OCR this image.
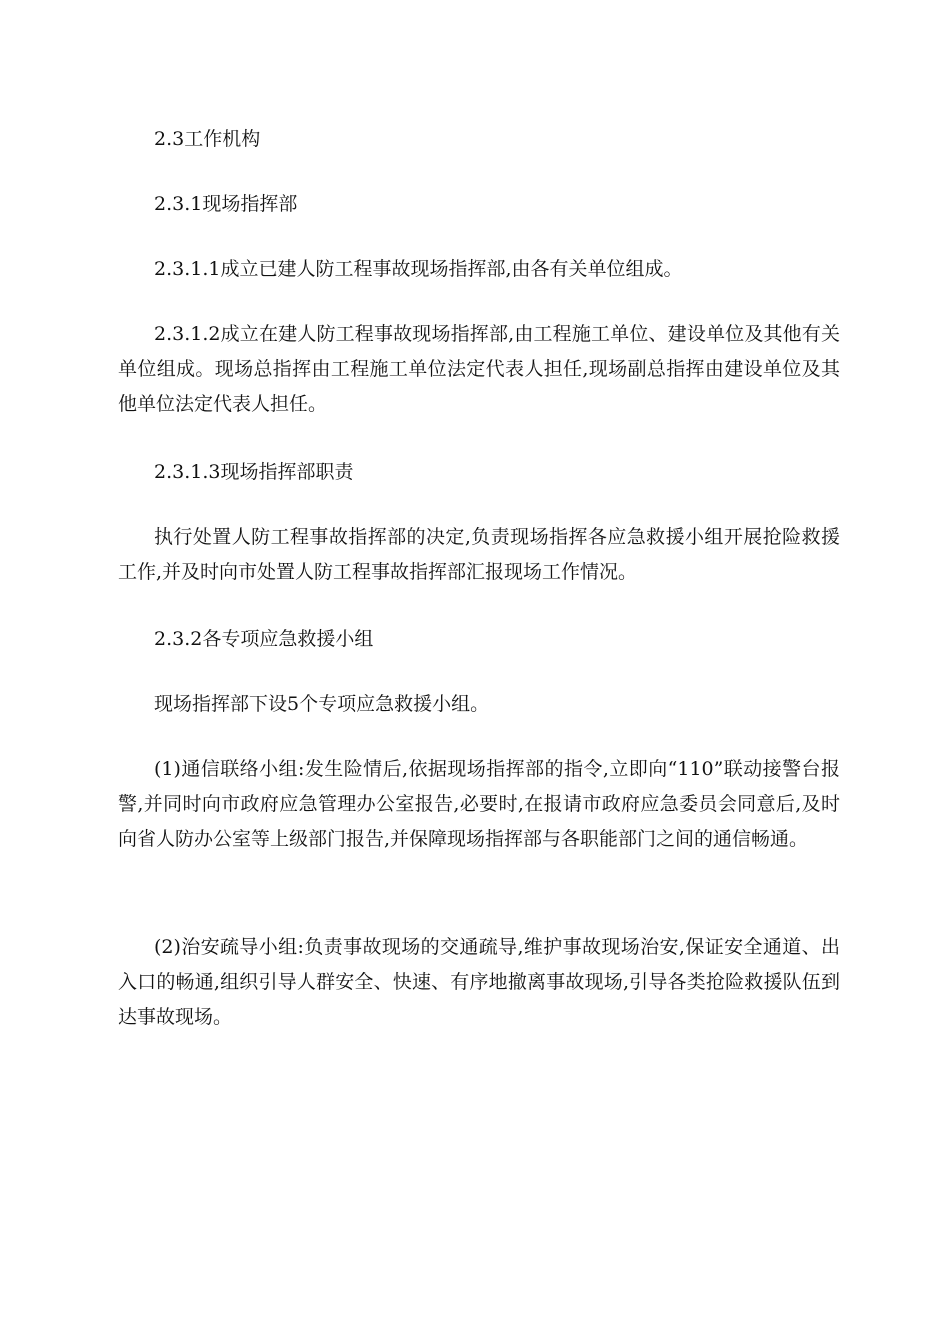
2.3工作机构

2.3.1现场指挥部

2.3.1.1成立已建人防工程事故现场指挥部,由各有关单位组成。

2.3.1.2成立在建人防工程事故现场指挥部,由工程施工单位、建设单位及其他有关单位组成。现场总指挥由工程施工单位法定代表人担任,现场副总指挥由建设单位及其他单位法定代表人担任。

2.3.1.3现场指挥部职责

执行处置人防工程事故指挥部的决定,负责现场指挥各应急救援小组开展抢险救援工作,并及时向市处置人防工程事故指挥部汇报现场工作情况。

2.3.2各专项应急救援小组

现场指挥部下设5个专项应急救援小组。

(1)通信联络小组:发生险情后,依据现场指挥部的指令,立即向“110”联动接警台报警,并同时向市政府应急管理办公室报告,必要时,在报请市政府应急委员会同意后,及时向省人防办公室等上级部门报告,并保障现场指挥部与各职能部门之间的通信畅通。

(2)治安疏导小组:负责事故现场的交通疏导,维护事故现场治安,保证安全通道、出入口的畅通,组织引导人群安全、快速、有序地撤离事故现场,引导各类抢险救援队伍到达事故现场。
